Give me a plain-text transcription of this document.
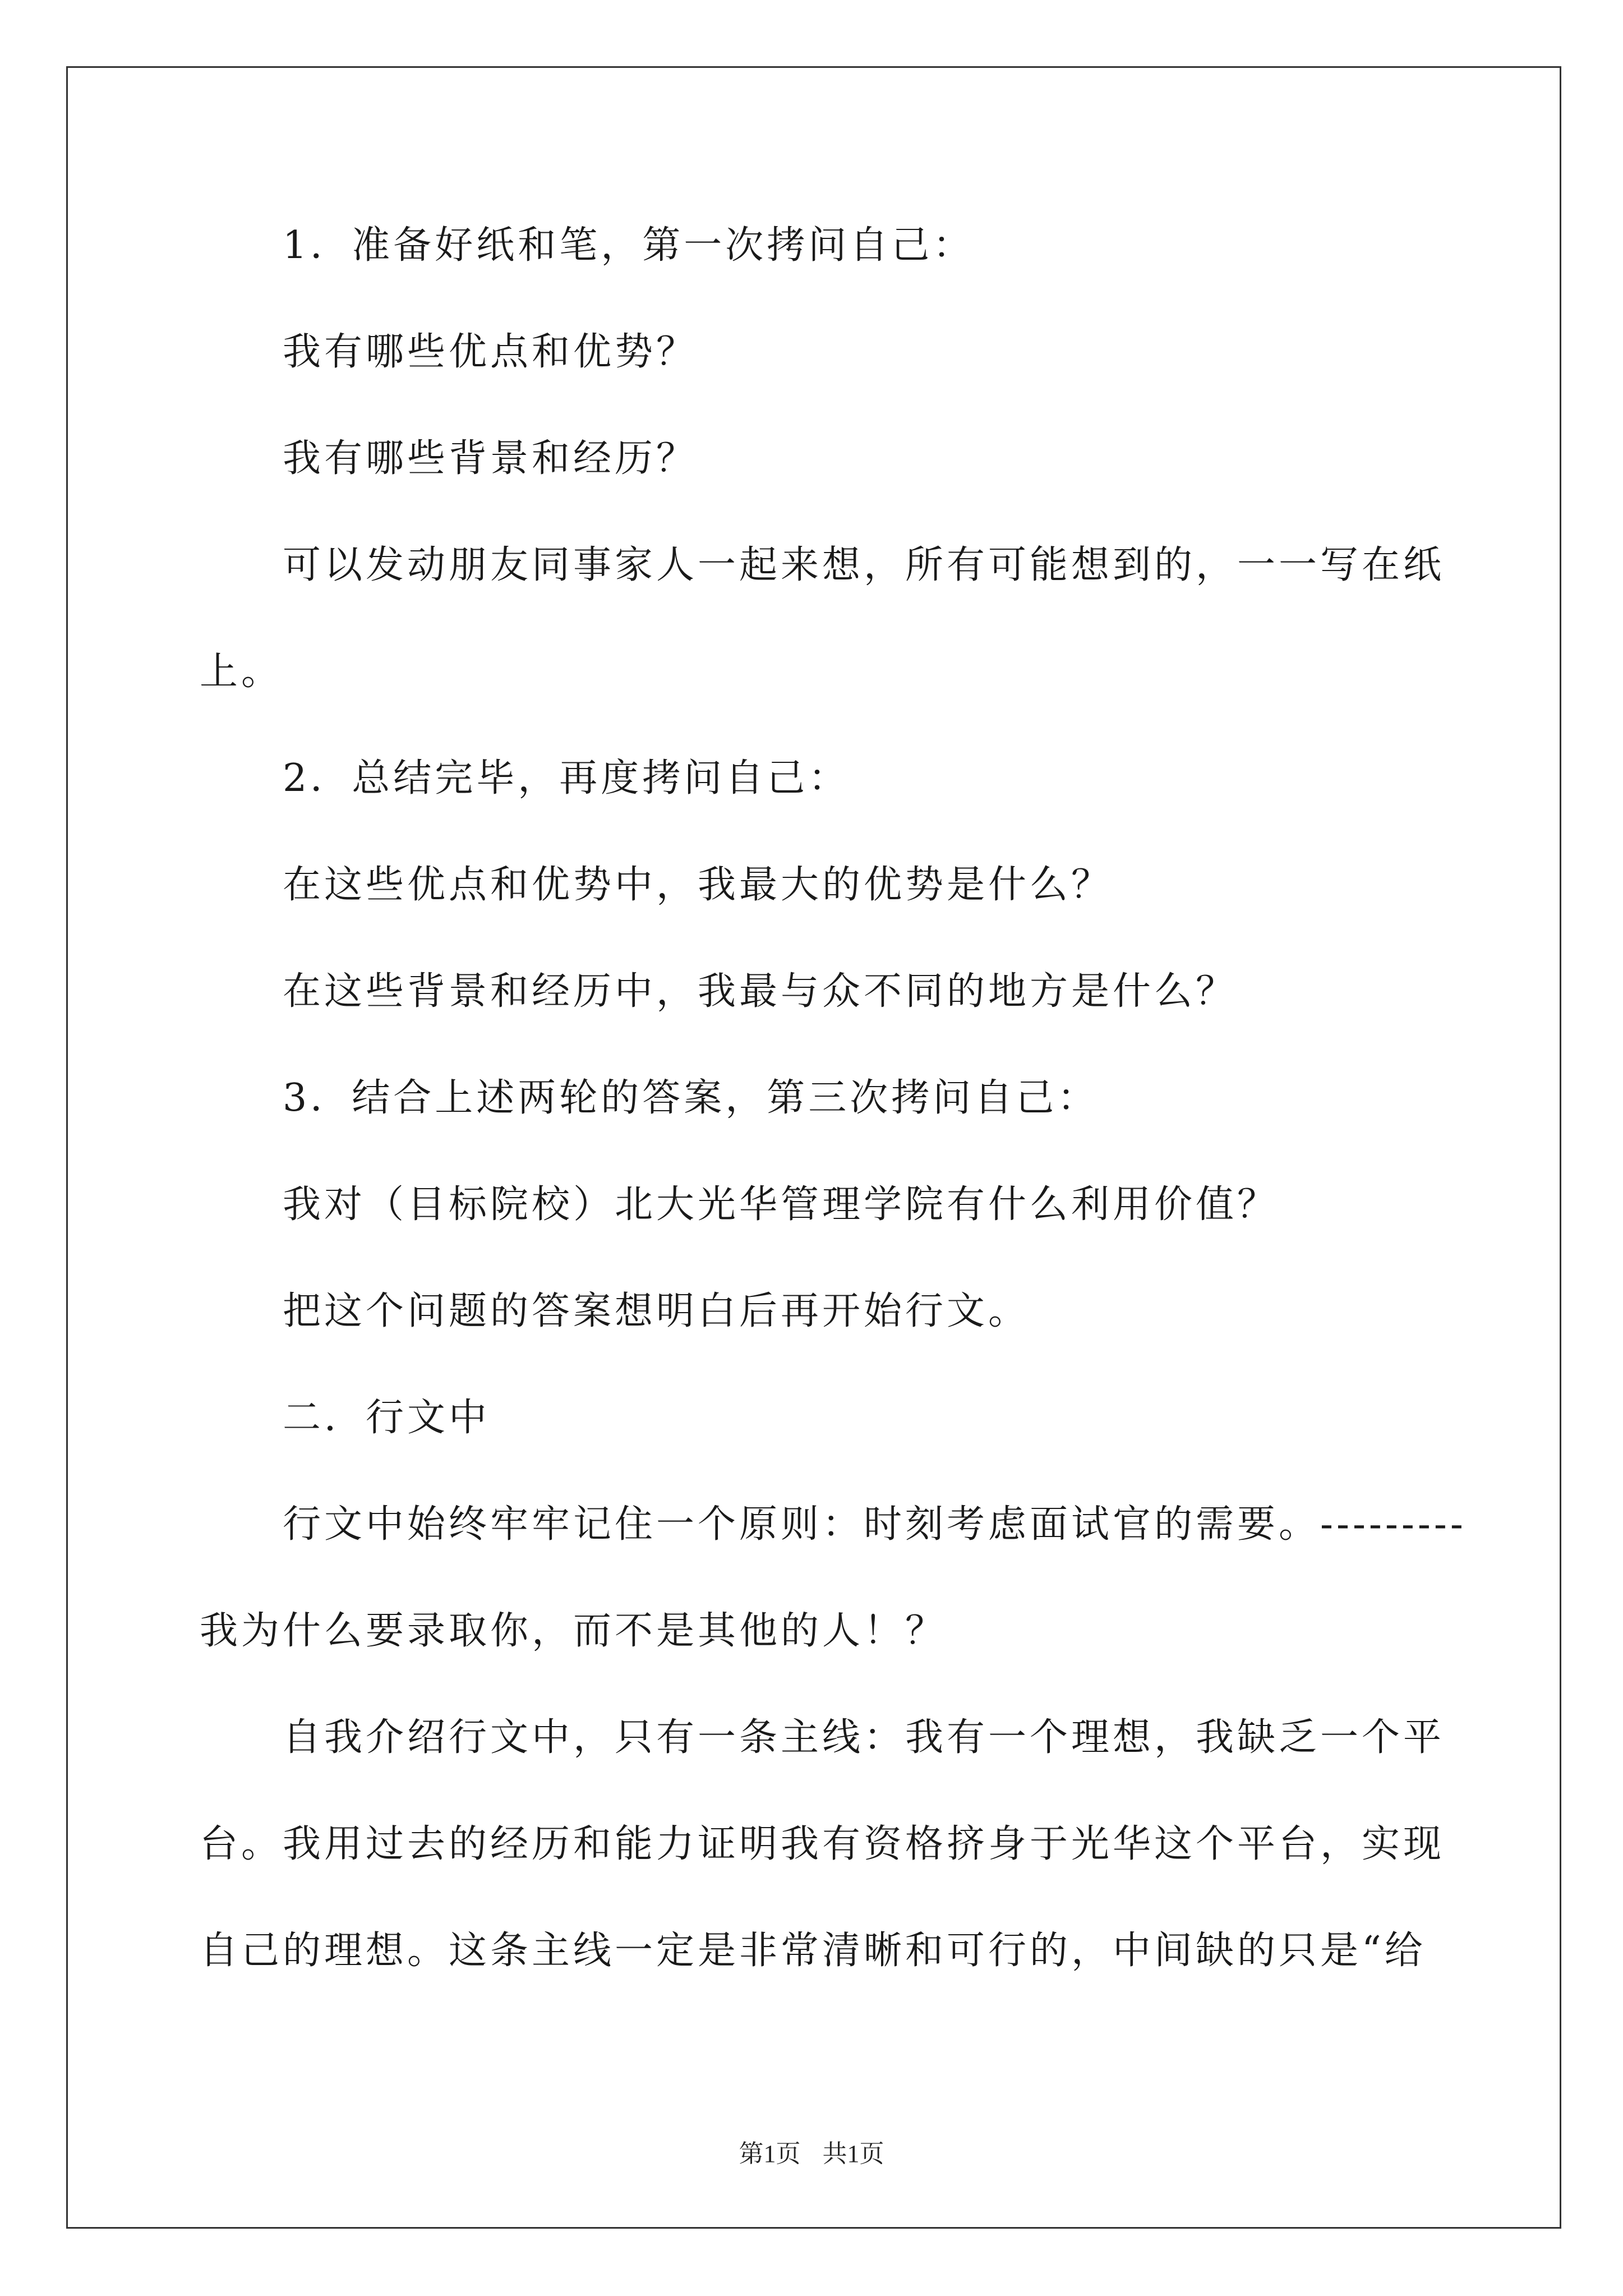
1．准备好纸和笔，第一次拷问自己：
我有哪些优点和优势？
我有哪些背景和经历？
可以发动朋友同事家人一起来想，所有可能想到的，一一写在纸
上。
2．总结完毕，再度拷问自己：
在这些优点和优势中，我最大的优势是什么？
在这些背景和经历中，我最与众不同的地方是什么？
3．结合上述两轮的答案，第三次拷问自己：
我对（目标院校）北大光华管理学院有什么利用价值？
把这个问题的答案想明白后再开始行文。
二．行文中
行文中始终牢牢记住一个原则：时刻考虑面试官的需要。---------
我为什么要录取你，而不是其他的人！？
自我介绍行文中，只有一条主线：我有一个理想，我缺乏一个平
台。我用过去的经历和能力证明我有资格挤身于光华这个平台，实现
自己的理想。这条主线一定是非常清晰和可行的，中间缺的只是“给
第1页 共1页
